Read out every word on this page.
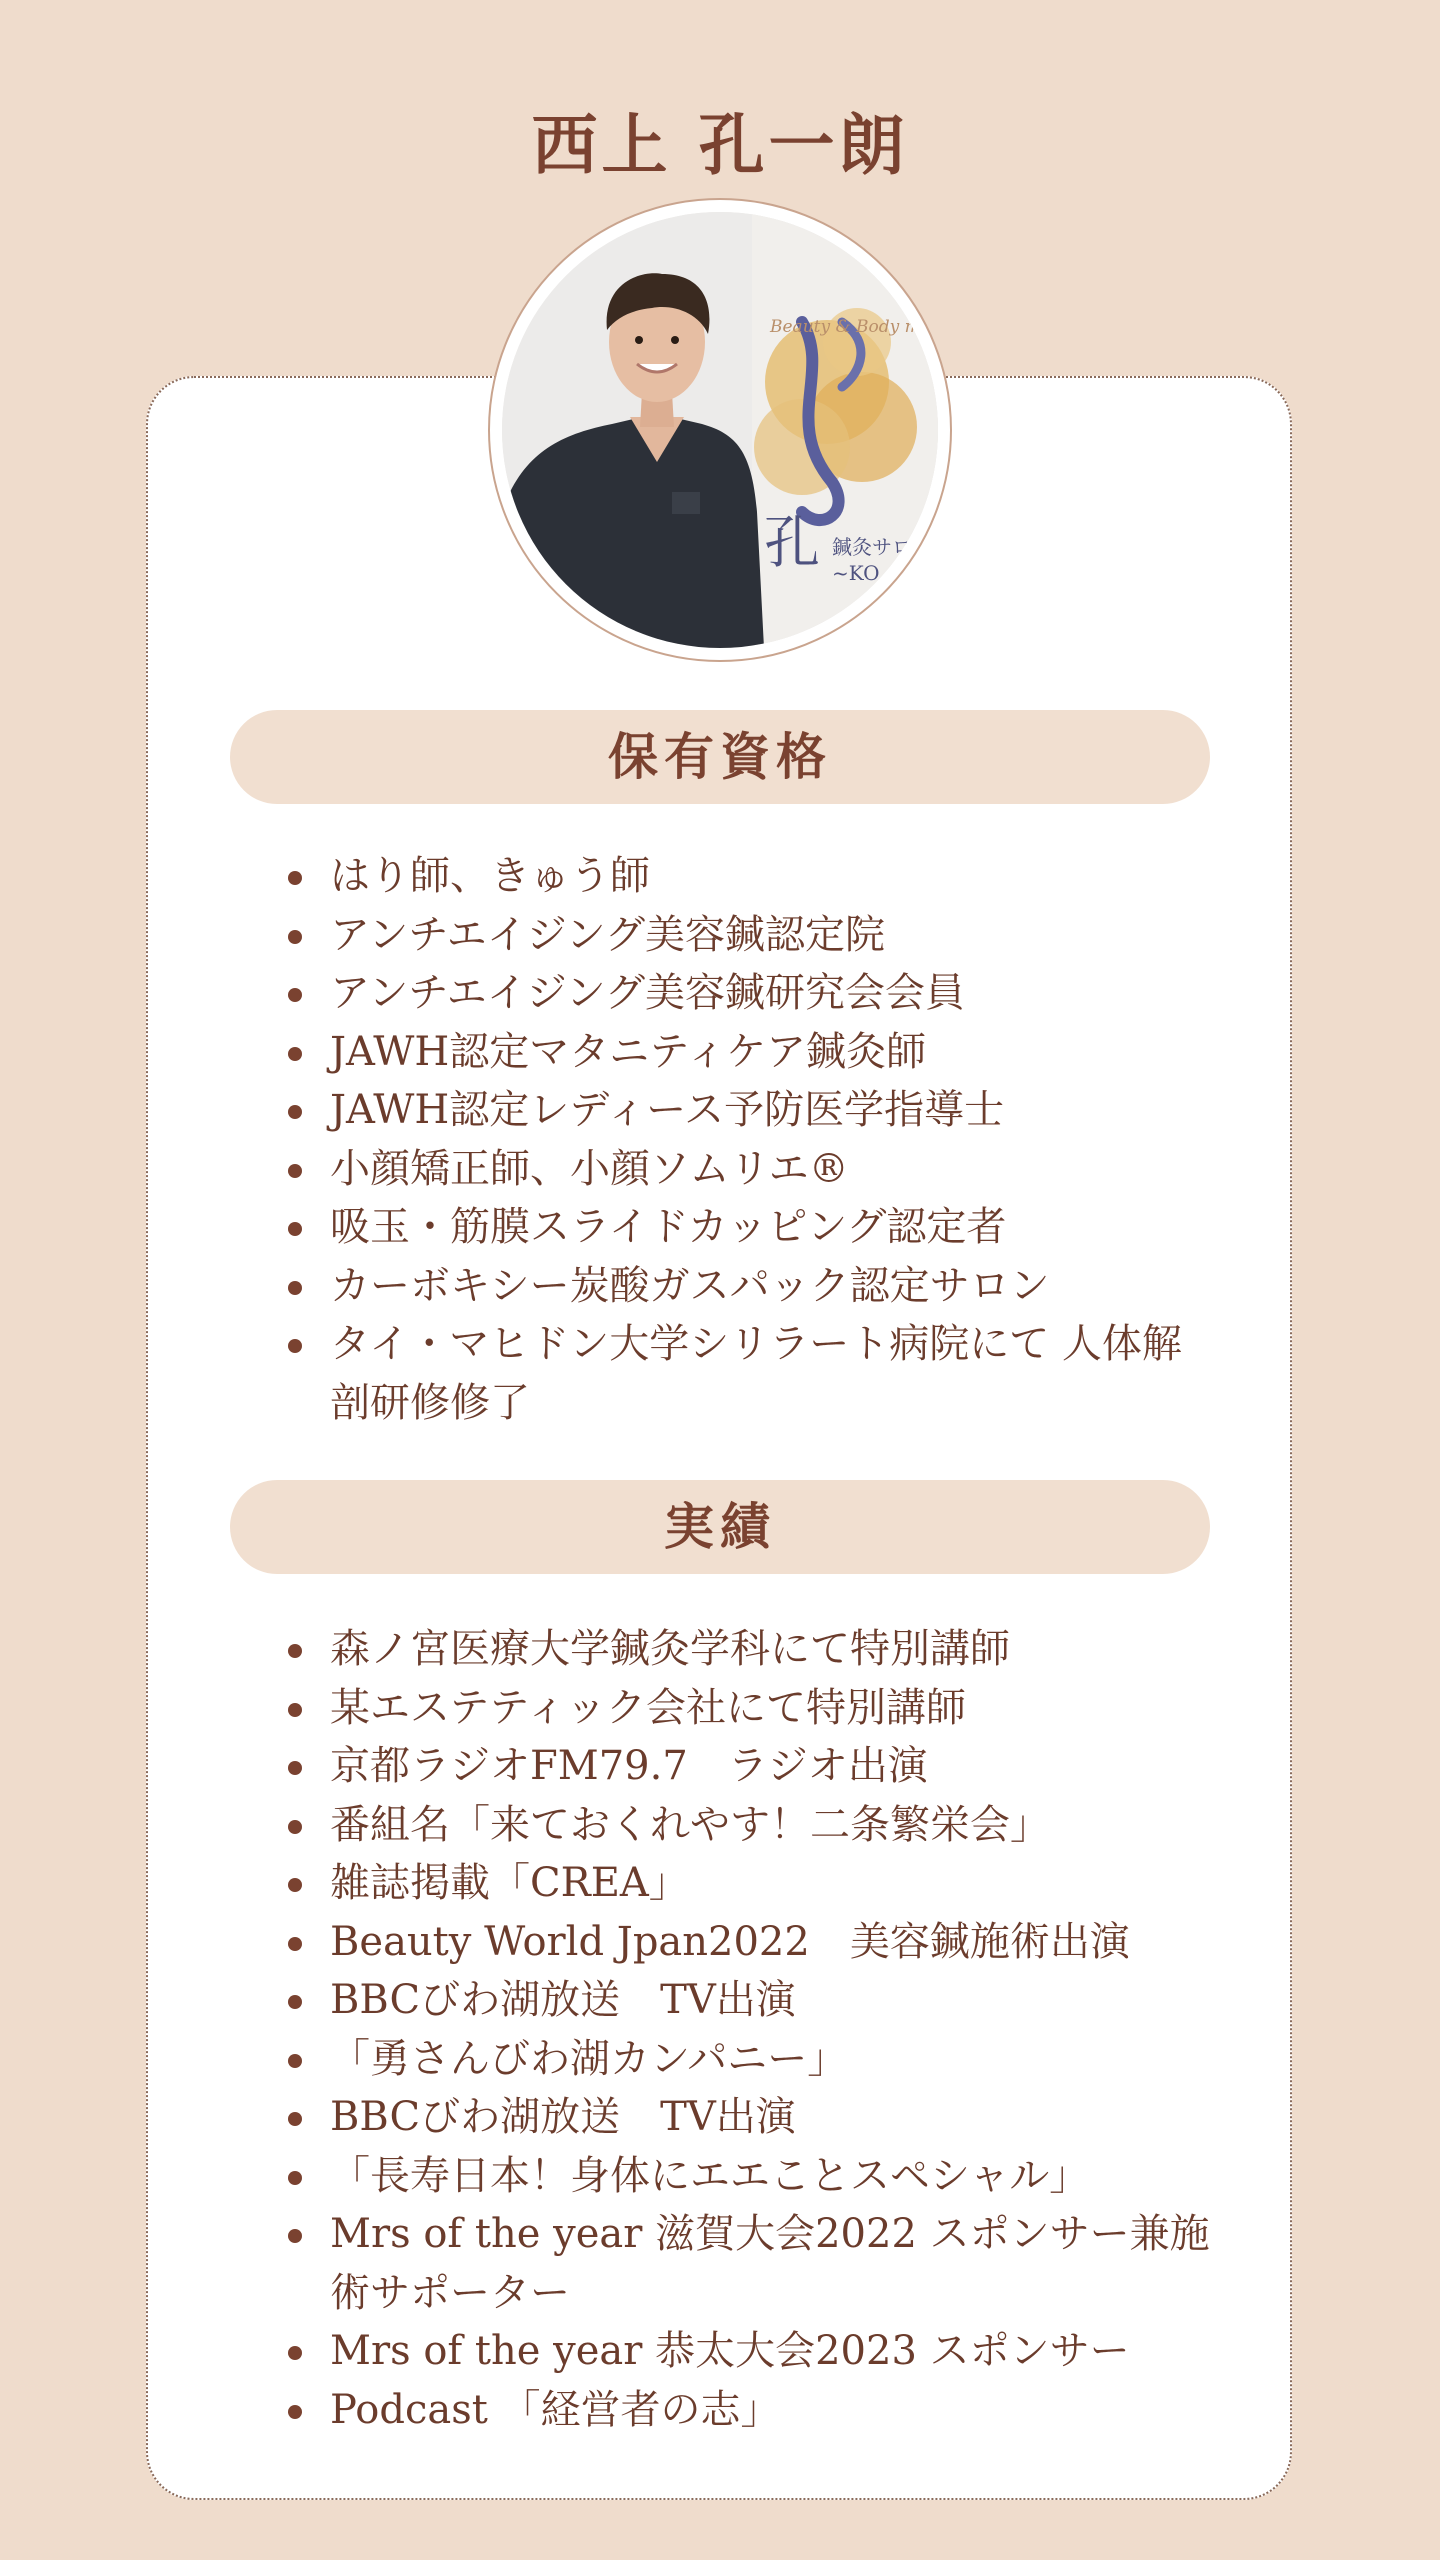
西上 孔一朗
Beauty & Body m
孔 鍼灸サロ
~KO
保有資格
はり師、きゅう師
アンチエイジング美容鍼認定院
アンチエイジング美容鍼研究会会員
JAWH認定マタニティケア鍼灸師
JAWH認定レディース予防医学指導士
小顔矯正師、小顔ソムリエ®
吸玉・筋膜スライドカッピング認定者
カーボキシー炭酸ガスパック認定サロン
タイ・マヒドン大学シリラート病院にて 人体解剖研修修了
実績
森ノ宮医療大学鍼灸学科にて特別講師
某エステティック会社にて特別講師
京都ラジオFM79.7　ラジオ出演
番組名「来ておくれやす！二条繁栄会」
雑誌掲載「CREA」
Beauty World Jpan2022　美容鍼施術出演
BBCびわ湖放送　TV出演
「勇さんびわ湖カンパニー」
BBCびわ湖放送　TV出演
「長寿日本！身体にエエことスペシャル」
Mrs of the year 滋賀大会2022 スポンサー兼施術サポーター
Mrs of the year 恭太大会2023 スポンサー
Podcast 「経営者の志」
